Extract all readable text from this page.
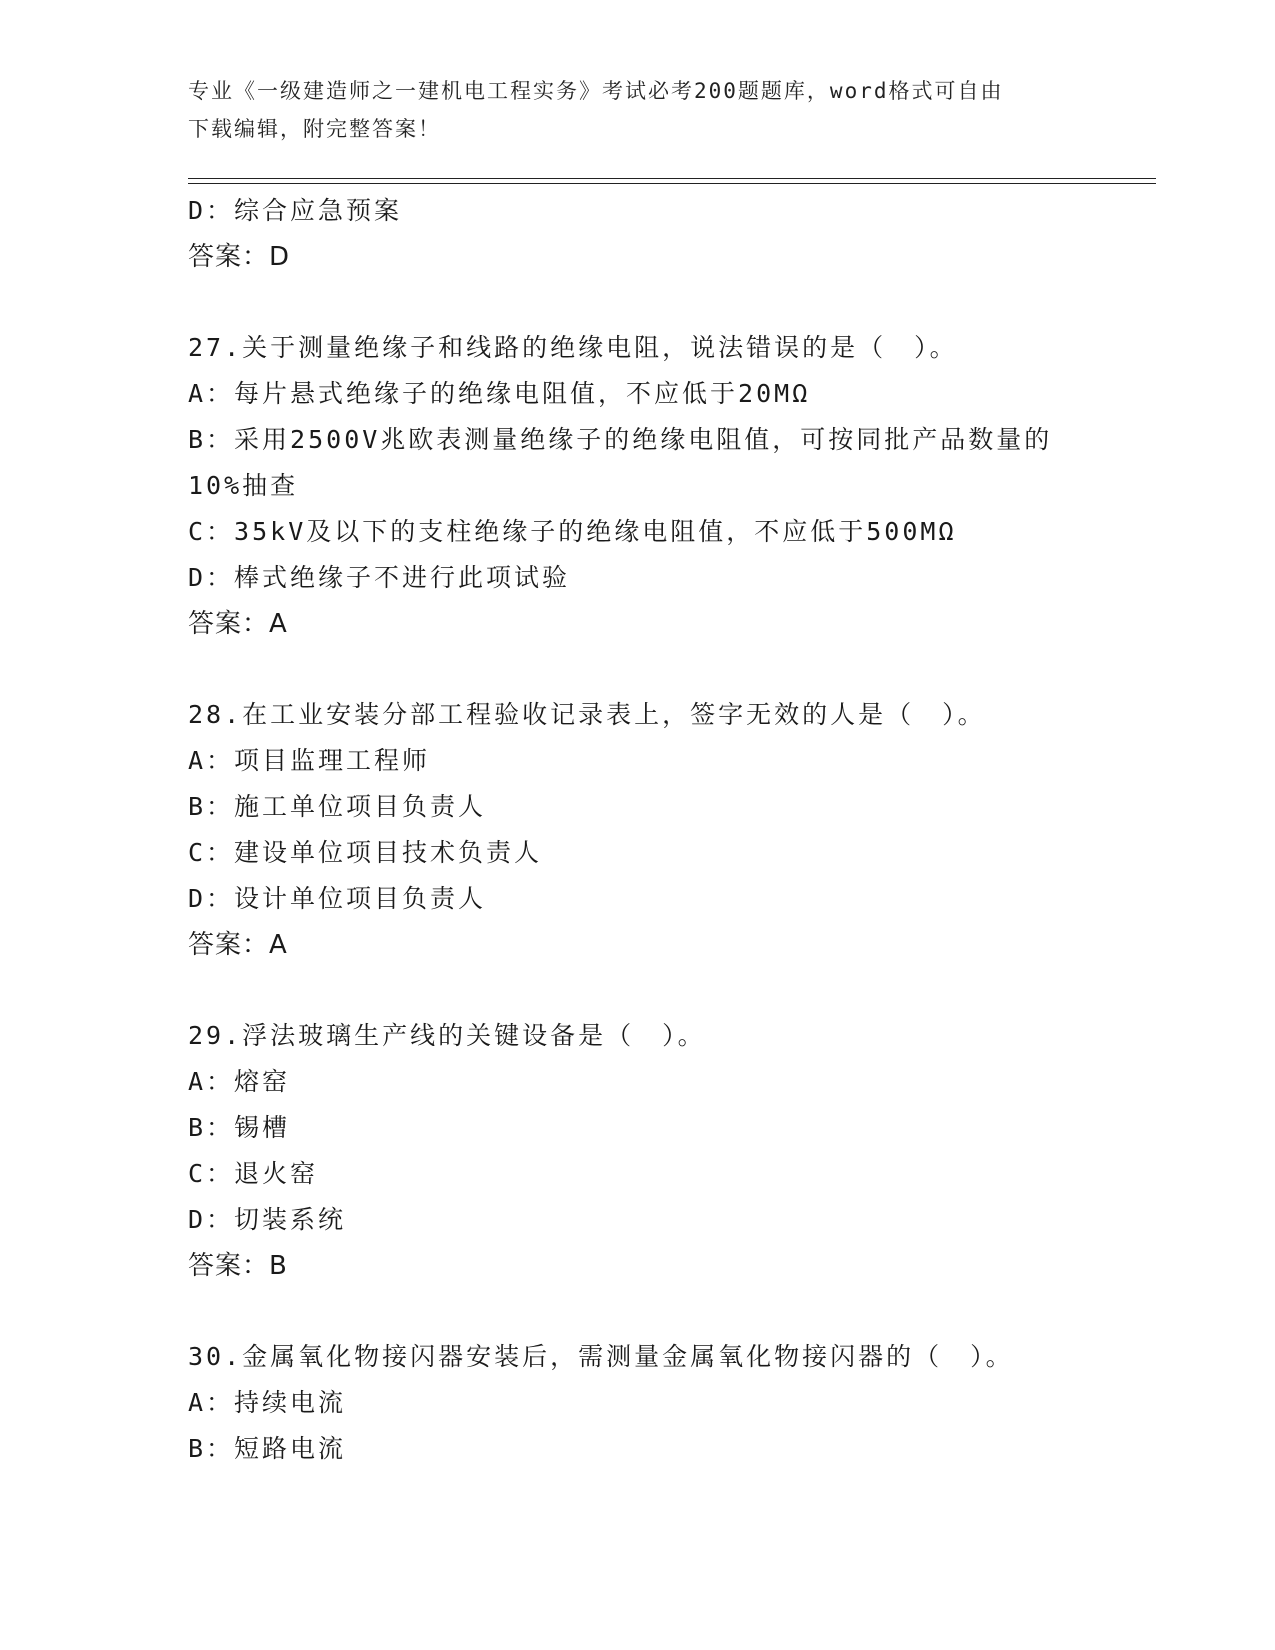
专业《一级建造师之一建机电工程实务》考试必考200题题库，word格式可自由
下载编辑，附完整答案！
D：综合应急预案
答案：D
27.关于测量绝缘子和线路的绝缘电阻，说法错误的是（　）。
A：每片悬式绝缘子的绝缘电阻值，不应低于20MΩ
B：采用2500V兆欧表测量绝缘子的绝缘电阻值，可按同批产品数量的
10%抽查
C：35kV及以下的支柱绝缘子的绝缘电阻值，不应低于500MΩ
D：棒式绝缘子不进行此项试验
答案：A
28.在工业安装分部工程验收记录表上，签字无效的人是（　）。
A：项目监理工程师
B：施工单位项目负责人
C：建设单位项目技术负责人
D：设计单位项目负责人
答案：A
29.浮法玻璃生产线的关键设备是（　）。
A：熔窑
B：锡槽
C：退火窑
D：切装系统
答案：B
30.金属氧化物接闪器安装后，需测量金属氧化物接闪器的（　）。
A：持续电流
B：短路电流
